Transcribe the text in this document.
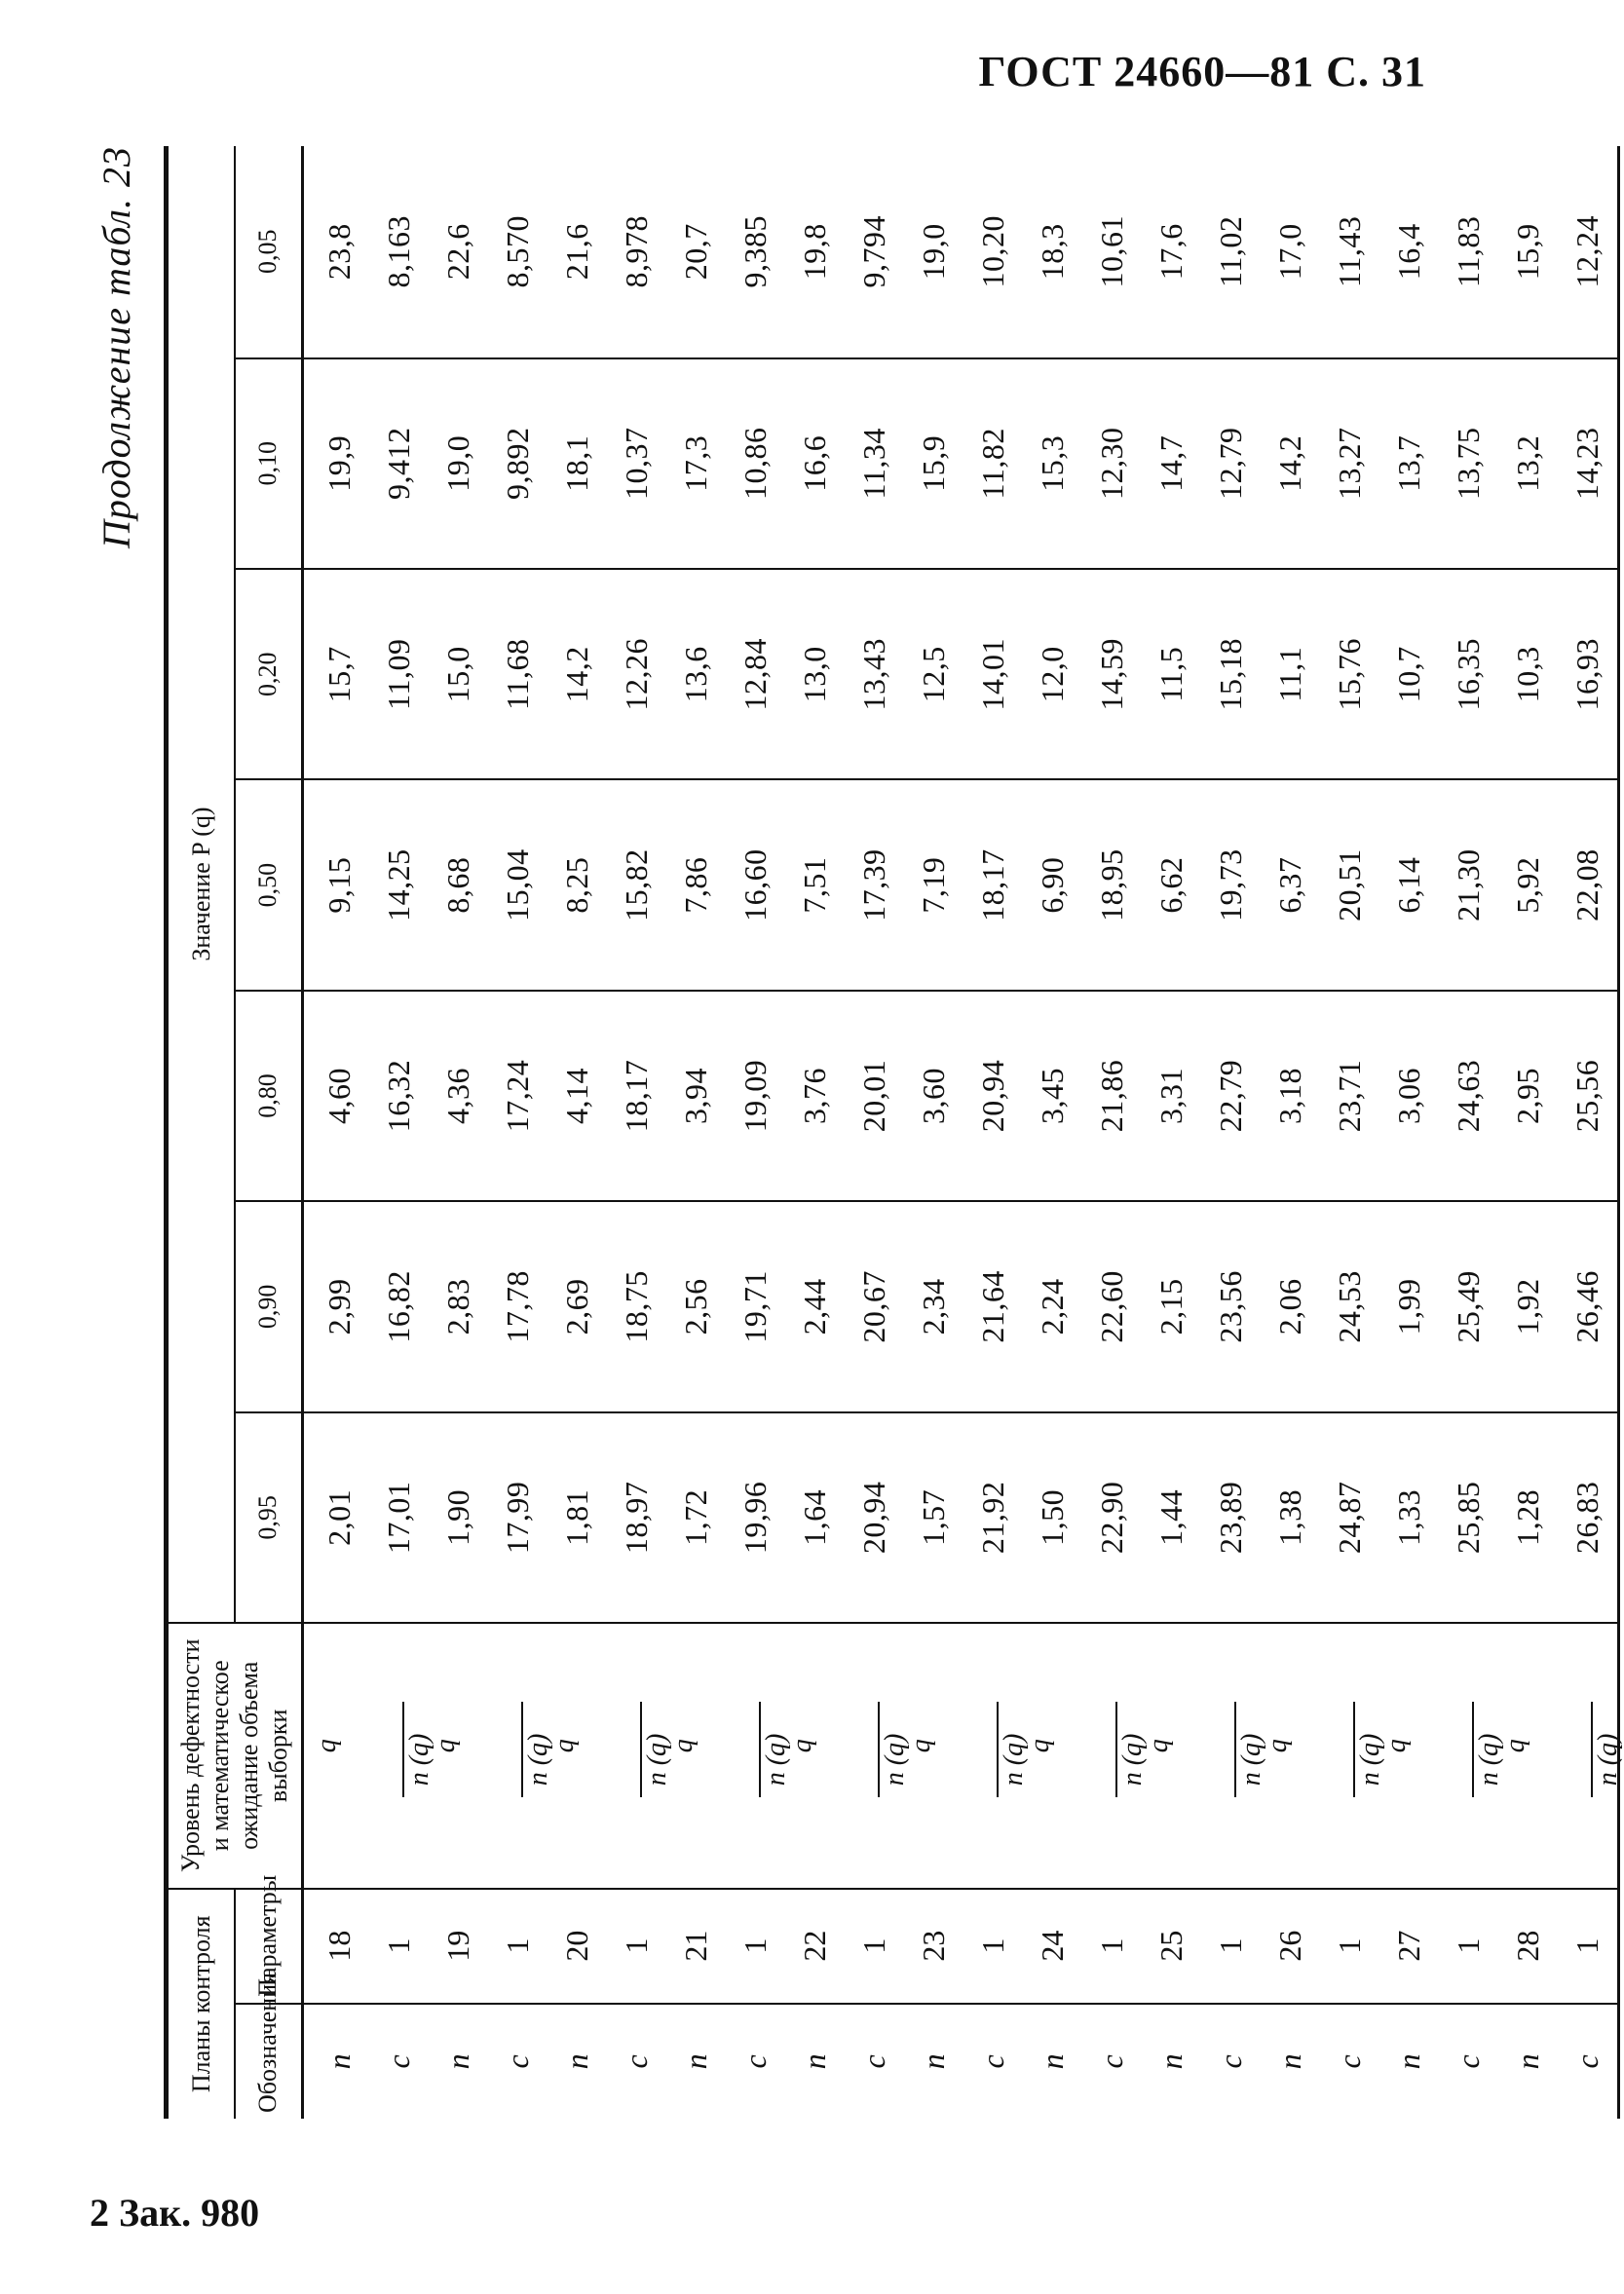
ГОСТ 24660—81 С. 31
Продолжение табл. 23
Планы контроля		Уровень дефектности и математическое ожидание объема выборки	Значение P (q)						
Обозначения	Параметры		0,95	0,90	0,80	0,50	0,20	0,10	0,05
n	18	q	2,01	2,99	4,60	9,15	15,7	19,9	23,8
c	1	n (q)	17,01	16,82	16,32	14,25	11,09	9,412	8,163
n	19	q	1,90	2,83	4,36	8,68	15,0	19,0	22,6
c	1	n (q)	17,99	17,78	17,24	15,04	11,68	9,892	8,570
n	20	q	1,81	2,69	4,14	8,25	14,2	18,1	21,6
c	1	n (q)	18,97	18,75	18,17	15,82	12,26	10,37	8,978
n	21	q	1,72	2,56	3,94	7,86	13,6	17,3	20,7
c	1	n (q)	19,96	19,71	19,09	16,60	12,84	10,86	9,385
n	22	q	1,64	2,44	3,76	7,51	13,0	16,6	19,8
c	1	n (q)	20,94	20,67	20,01	17,39	13,43	11,34	9,794
n	23	q	1,57	2,34	3,60	7,19	12,5	15,9	19,0
c	1	n (q)	21,92	21,64	20,94	18,17	14,01	11,82	10,20
n	24	q	1,50	2,24	3,45	6,90	12,0	15,3	18,3
c	1	n (q)	22,90	22,60	21,86	18,95	14,59	12,30	10,61
n	25	q	1,44	2,15	3,31	6,62	11,5	14,7	17,6
c	1	n (q)	23,89	23,56	22,79	19,73	15,18	12,79	11,02
n	26	q	1,38	2,06	3,18	6,37	11,1	14,2	17,0
c	1	n (q)	24,87	24,53	23,71	20,51	15,76	13,27	11,43
n	27	q	1,33	1,99	3,06	6,14	10,7	13,7	16,4
c	1	n (q)	25,85	25,49	24,63	21,30	16,35	13,75	11,83
n	28	q	1,28	1,92	2,95	5,92	10,3	13,2	15,9
c	1	n (q)	26,83	26,46	25,56	22,08	16,93	14,23	12,24
2 Зак. 980
